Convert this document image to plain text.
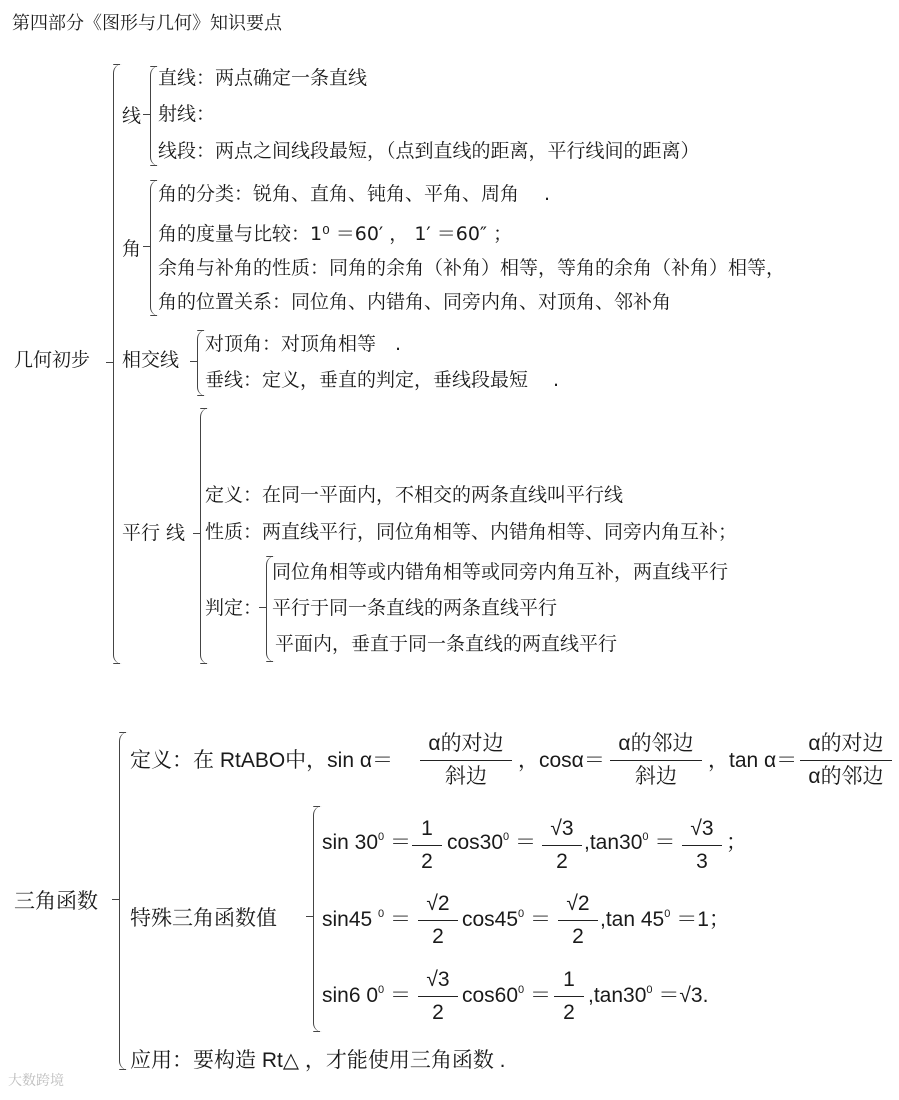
第四部分《图形与几何》知识要点
几何初步
线
直线：两点确定一条直线
射线：
线段：两点之间线段最短，（点到直线的距离，平行线间的距离）
角
角的分类：锐角、直角、钝角、平角、周角　 .
角的度量与比较：1⁰ ＝60′ ， 1′ ＝60″ ；
余角与补角的性质：同角的余角（补角）相等，等角的余角（补角）相等，
角的位置关系：同位角、内错角、同旁内角、对顶角、邻补角
相交线
对顶角：对顶角相等　.
垂线：定义，垂直的判定，垂线段最短　 .
平行 线
定义：在同一平面内，不相交的两条直线叫平行线
性质：两直线平行，同位角相等、内错角相等、同旁内角互补；
判定：
同位角相等或内错角相等或同旁内角互补，两直线平行
平行于同一条直线的两条直线平行
平面内，垂直于同一条直线的两直线平行
三角函数
定义：在 RtABO中，sin α＝
α的对边
斜边
，cosα＝
α的邻边
斜边
，tan α＝
α的对边
α的邻边
特殊三角函数值
$\sin 30^0 = \frac{1}{2} \cos 30^0 = \frac{√3}{2} ,\tan 30^0 = \frac{√3}{3}$ ；
sin45 $^0 = \frac{√2}{2} \cos 45^0 = \frac{√2}{2} ,\tan$ $45^0 =1$；
sin6 $0^0 = \frac{√3}{2} \cos 60^0 = \frac{1}{2} ,\tan 30^0 =√3$.
应用：要构造 Rt△ ，才能使用三角函数 .
大数跨境
